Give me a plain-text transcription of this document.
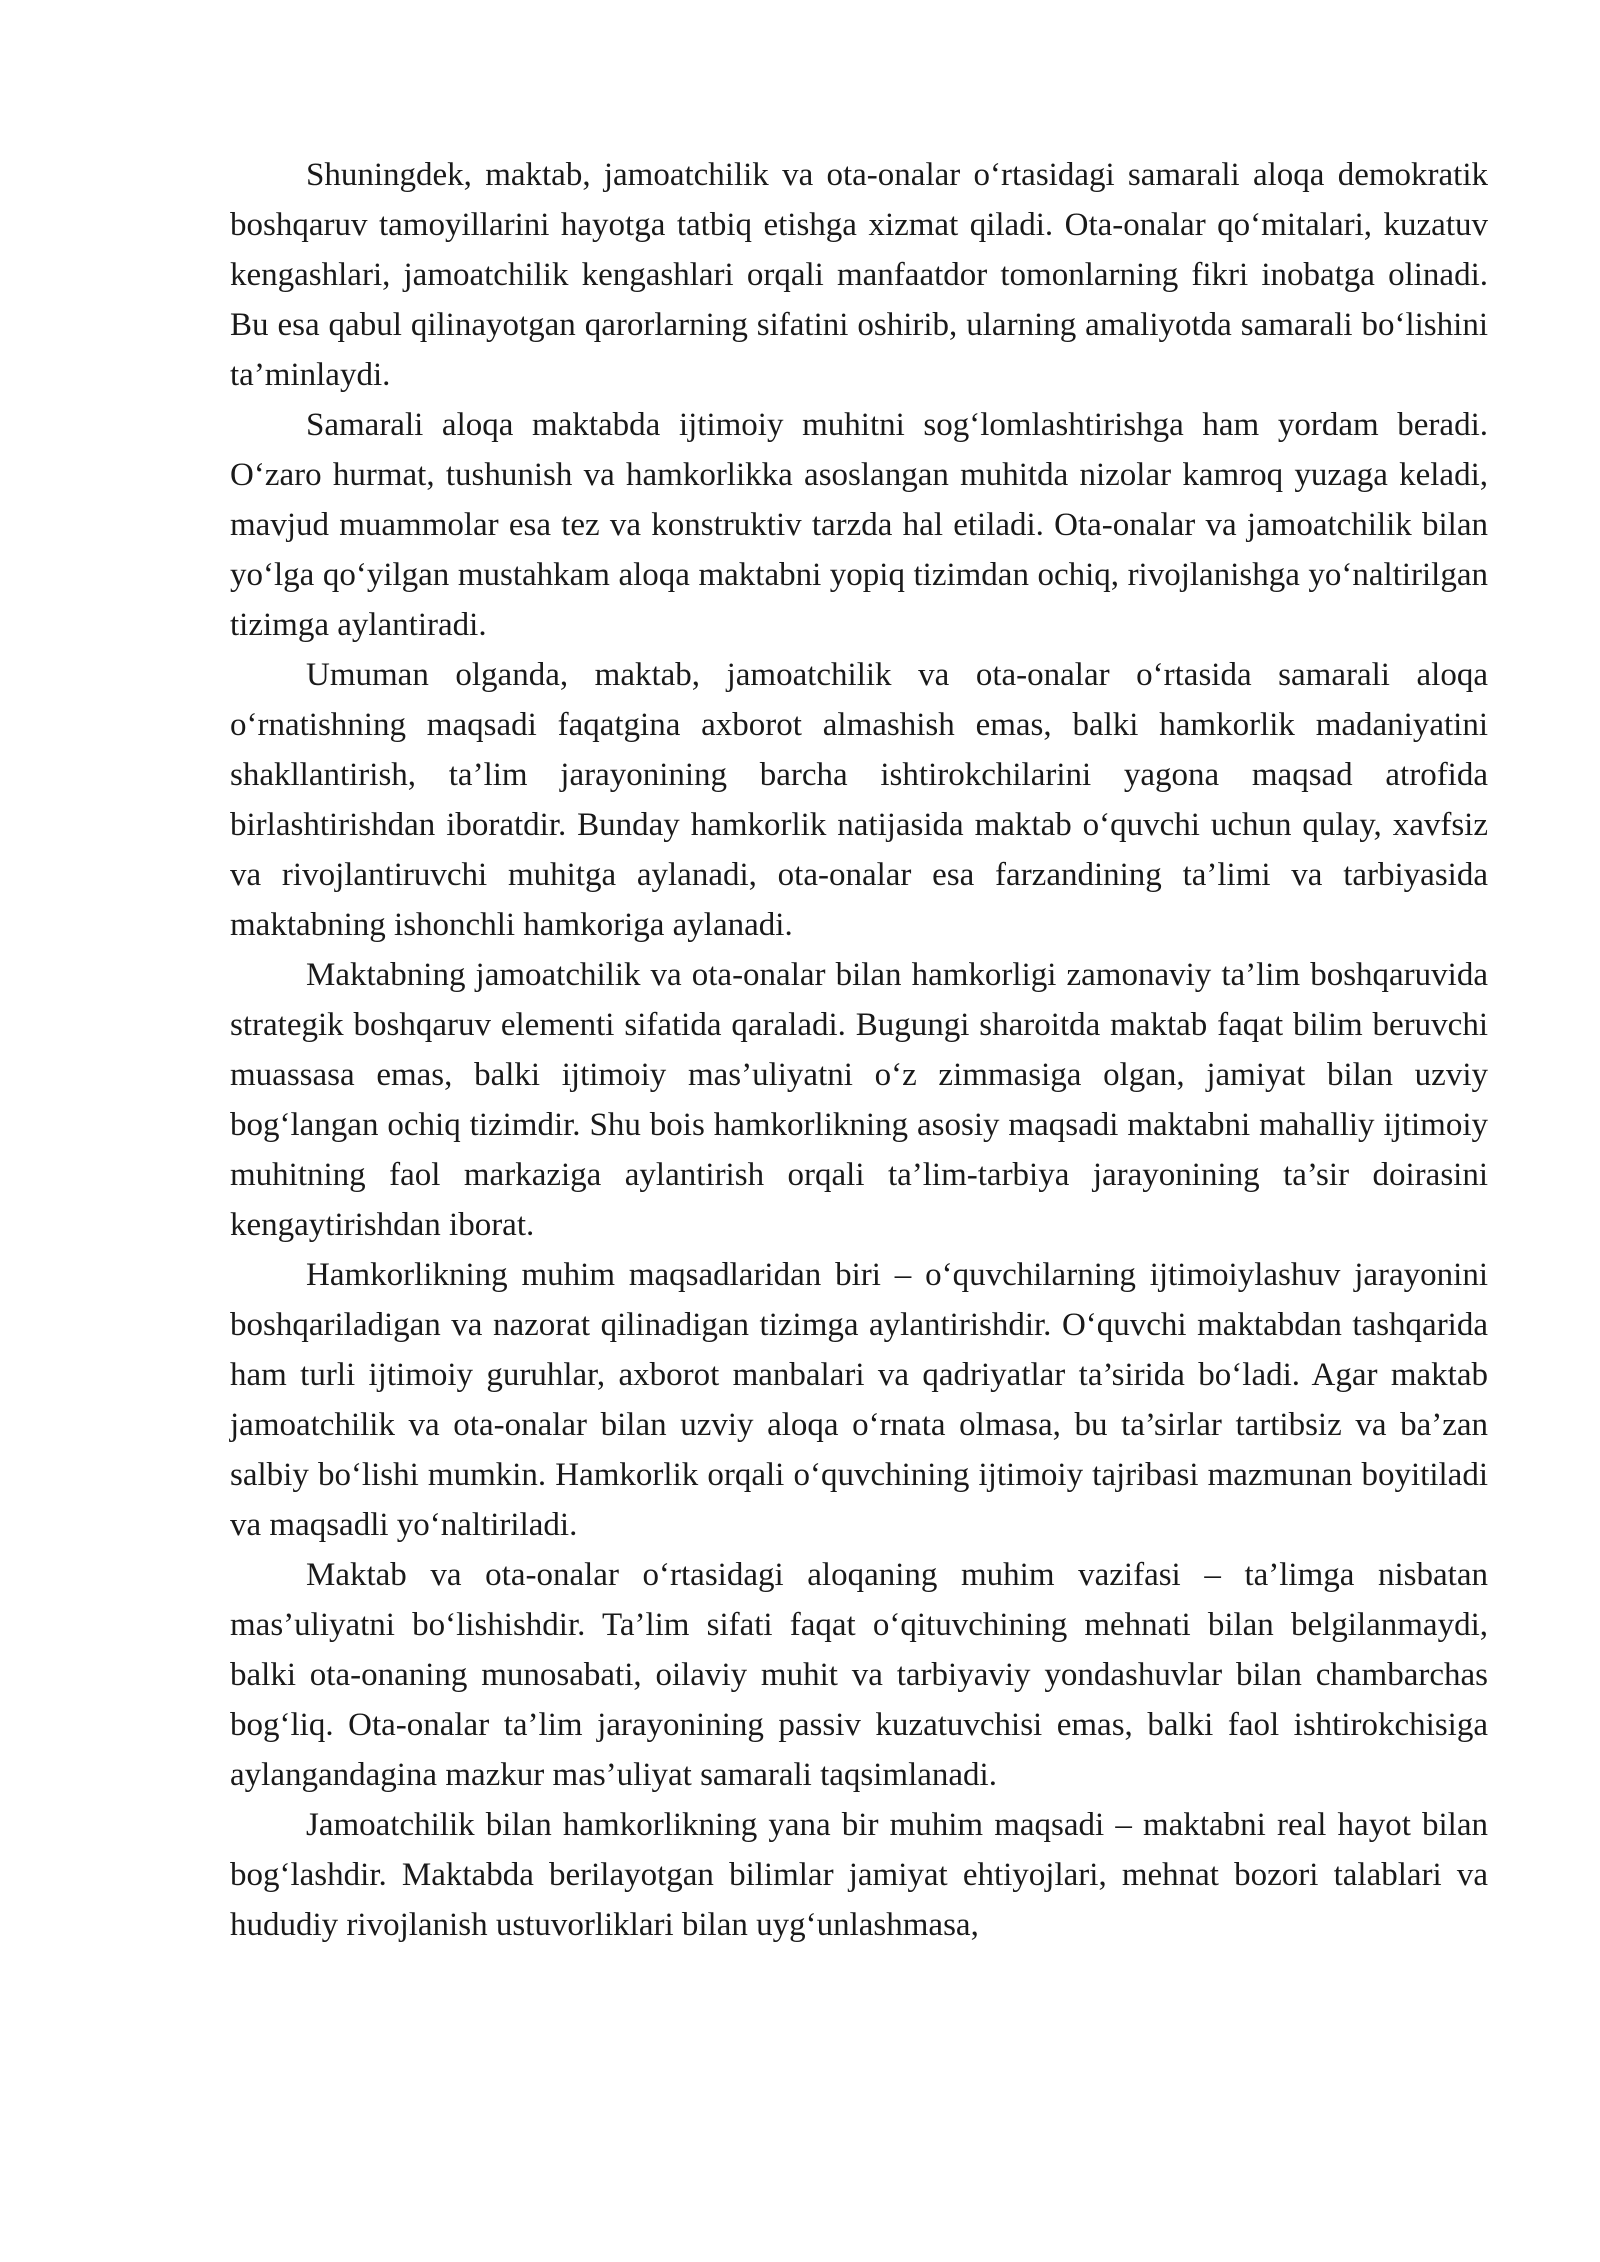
Shuningdek, maktab, jamoatchilik va ota-onalar o‘rtasidagi samarali aloqa demokratik boshqaruv tamoyillarini hayotga tatbiq etishga xizmat qiladi. Ota-onalar qo‘mitalari, kuzatuv kengashlari, jamoatchilik kengashlari orqali manfaatdor tomonlarning fikri inobatga olinadi. Bu esa qabul qilinayotgan qarorlarning sifatini oshirib, ularning amaliyotda samarali bo‘lishini ta’minlaydi.

Samarali aloqa maktabda ijtimoiy muhitni sog‘lomlashtirishga ham yordam beradi. O‘zaro hurmat, tushunish va hamkorlikka asoslangan muhitda nizolar kamroq yuzaga keladi, mavjud muammolar esa tez va konstruktiv tarzda hal etiladi. Ota-onalar va jamoatchilik bilan yo‘lga qo‘yilgan mustahkam aloqa maktabni yopiq tizimdan ochiq, rivojlanishga yo‘naltirilgan tizimga aylantiradi.

Umuman olganda, maktab, jamoatchilik va ota-onalar o‘rtasida samarali aloqa o‘rnatishning maqsadi faqatgina axborot almashish emas, balki hamkorlik madaniyatini shakllantirish, ta’lim jarayonining barcha ishtirokchilarini yagona maqsad atrofida birlashtirishdan iboratdir. Bunday hamkorlik natijasida maktab o‘quvchi uchun qulay, xavfsiz va rivojlantiruvchi muhitga aylanadi, ota-onalar esa farzandining ta’limi va tarbiyasida maktabning ishonchli hamkoriga aylanadi.

Maktabning jamoatchilik va ota-onalar bilan hamkorligi zamonaviy ta’lim boshqaruvida strategik boshqaruv elementi sifatida qaraladi. Bugungi sharoitda maktab faqat bilim beruvchi muassasa emas, balki ijtimoiy mas’uliyatni o‘z zimmasiga olgan, jamiyat bilan uzviy bog‘langan ochiq tizimdir. Shu bois hamkorlikning asosiy maqsadi maktabni mahalliy ijtimoiy muhitning faol markaziga aylantirish orqali ta’lim-tarbiya jarayonining ta’sir doirasini kengaytirishdan iborat.

Hamkorlikning muhim maqsadlaridan biri – o‘quvchilarning ijtimoiylashuv jarayonini boshqariladigan va nazorat qilinadigan tizimga aylantirishdir. O‘quvchi maktabdan tashqarida ham turli ijtimoiy guruhlar, axborot manbalari va qadriyatlar ta’sirida bo‘ladi. Agar maktab jamoatchilik va ota-onalar bilan uzviy aloqa o‘rnata olmasa, bu ta’sirlar tartibsiz va ba’zan salbiy bo‘lishi mumkin. Hamkorlik orqali o‘quvchining ijtimoiy tajribasi mazmunan boyitiladi va maqsadli yo‘naltiriladi.

Maktab va ota-onalar o‘rtasidagi aloqaning muhim vazifasi – ta’limga nisbatan mas’uliyatni bo‘lishishdir. Ta’lim sifati faqat o‘qituvchining mehnati bilan belgilanmaydi, balki ota-onaning munosabati, oilaviy muhit va tarbiyaviy yondashuvlar bilan chambarchas bog‘liq. Ota-onalar ta’lim jarayonining passiv kuzatuvchisi emas, balki faol ishtirokchisiga aylangandagina mazkur mas’uliyat samarali taqsimlanadi.

Jamoatchilik bilan hamkorlikning yana bir muhim maqsadi – maktabni real hayot bilan bog‘lashdir. Maktabda berilayotgan bilimlar jamiyat ehtiyojlari, mehnat bozori talablari va hududiy rivojlanish ustuvorliklari bilan uyg‘unlashmasa,
